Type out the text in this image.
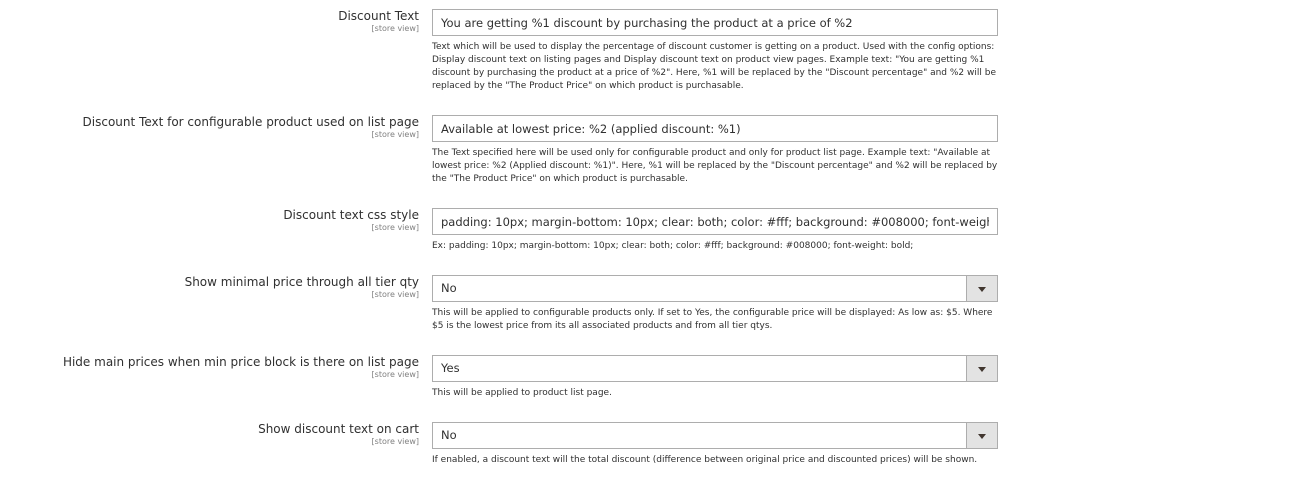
Discount Text
[store view]
You are getting %1 discount by purchasing the product at a price of %2
Text which will be used to display the percentage of discount customer is getting on a product. Used with the config options: Display discount text on listing pages and Display discount text on product view pages. Example text: "You are getting %1 discount by purchasing the product at a price of %2". Here, %1 will be replaced by the "Discount percentage" and %2 will be replaced by the "The Product Price" on which product is purchasable.
Discount Text for configurable product used on list page
[store view]
Available at lowest price: %2 (applied discount: %1)
The Text specified here will be used only for configurable product and only for product list page. Example text: "Available at lowest price: %2 (Applied discount: %1)". Here, %1 will be replaced by the "Discount percentage" and %2 will be replaced by the "The Product Price" on which product is purchasable.
Discount text css style
[store view]
padding: 10px; margin-bottom: 10px; clear: both; color: #fff; background: #008000; font-weight: bold;
Ex: padding: 10px; margin-bottom: 10px; clear: both; color: #fff; background: #008000; font-weight: bold;
Show minimal price through all tier qty
[store view]	No
This will be applied to configurable products only. If set to Yes, the configurable price will be displayed: As low as: $5. Where $5 is the lowest price from its all associated products and from all tier qtys.
Hide main prices when min price block is there on list page
[store view]	Yes
This will be applied to product list page.
Show discount text on cart
[store view]	No
If enabled, a discount text will the total discount (difference between original price and discounted prices) will be shown.
